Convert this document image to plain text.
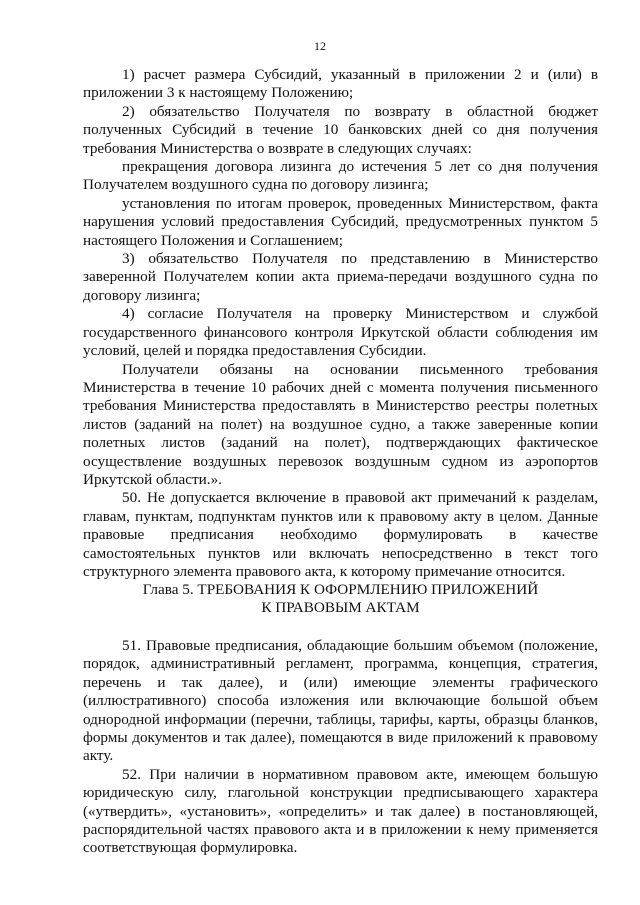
12

1) расчет размера Субсидий, указанный в приложении 2 и (или) в приложении 3 к настоящему Положению;

2) обязательство Получателя по возврату в областной бюджет полученных Субсидий в течение 10 банковских дней со дня получения требования Министерства о возврате в следующих случаях:

прекращения договора лизинга до истечения 5 лет со дня получения Получателем воздушного судна по договору лизинга;

установления по итогам проверок, проведенных Министерством, факта нарушения условий предоставления Субсидий, предусмотренных пунктом 5 настоящего Положения и Соглашением;

3) обязательство Получателя по представлению в Министерство заверенной Получателем копии акта приема-передачи воздушного судна по договору лизинга;

4) согласие Получателя на проверку Министерством и службой государственного финансового контроля Иркутской области соблюдения им условий, целей и порядка предоставления Субсидии.

Получатели обязаны на основании письменного требования Министерства в течение 10 рабочих дней с момента получения письменного требования Министерства предоставлять в Министерство реестры полетных листов (заданий на полет) на воздушное судно, а также заверенные копии полетных листов (заданий на полет), подтверждающих фактическое осуществление воздушных перевозок воздушным судном из аэропортов Иркутской области.».

50. Не допускается включение в правовой акт примечаний к разделам, главам, пунктам, подпунктам пунктов или к правовому акту в целом. Данные правовые предписания необходимо формулировать в качестве самостоятельных пунктов или включать непосредственно в текст того структурного элемента правового акта, к которому примечание относится.

Глава 5. ТРЕБОВАНИЯ К ОФОРМЛЕНИЮ ПРИЛОЖЕНИЙ
К ПРАВОВЫМ АКТАМ

51. Правовые предписания, обладающие большим объемом (положение, порядок, административный регламент, программа, концепция, стратегия, перечень и так далее), и (или) имеющие элементы графического (иллюстративного) способа изложения или включающие большой объем однородной информации (перечни, таблицы, тарифы, карты, образцы бланков, формы документов и так далее), помещаются в виде приложений к правовому акту.

52. При наличии в нормативном правовом акте, имеющем большую юридическую силу, глагольной конструкции предписывающего характера («утвердить», «установить», «определить» и так далее) в постановляющей, распорядительной частях правового акта и в приложении к нему применяется соответствующая формулировка.
